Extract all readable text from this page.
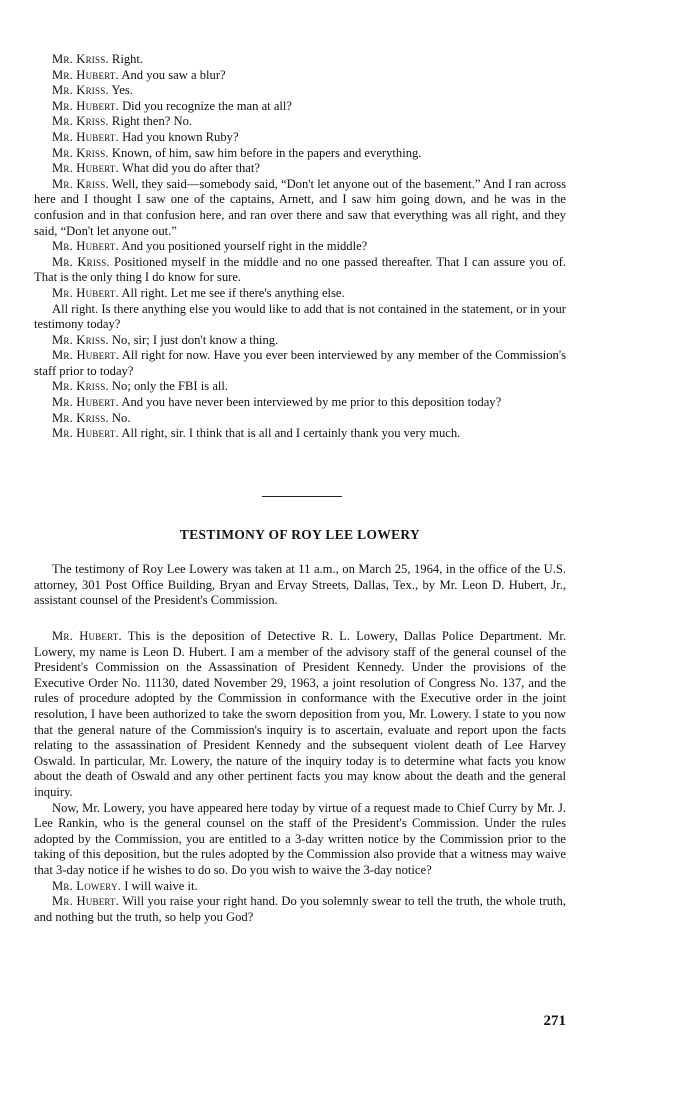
Mr. Kriss. Right.

Mr. Hubert. And you saw a blur?

Mr. Kriss. Yes.

Mr. Hubert. Did you recognize the man at all?

Mr. Kriss. Right then? No.

Mr. Hubert. Had you known Ruby?

Mr. Kriss. Known, of him, saw him before in the papers and everything.

Mr. Hubert. What did you do after that?

Mr. Kriss. Well, they said—somebody said, “Don't let anyone out of the basement.” And I ran across here and I thought I saw one of the captains, Arnett, and I saw him going down, and he was in the confusion and in that confusion here, and ran over there and saw that everything was all right, and they said, “Don't let anyone out.”

Mr. Hubert. And you positioned yourself right in the middle?

Mr. Kriss. Positioned myself in the middle and no one passed thereafter. That I can assure you of. That is the only thing I do know for sure.

Mr. Hubert. All right. Let me see if there's anything else.

All right. Is there anything else you would like to add that is not contained in the statement, or in your testimony today?

Mr. Kriss. No, sir; I just don't know a thing.

Mr. Hubert. All right for now. Have you ever been interviewed by any member of the Commission's staff prior to today?

Mr. Kriss. No; only the FBI is all.

Mr. Hubert. And you have never been interviewed by me prior to this deposition today?

Mr. Kriss. No.

Mr. Hubert. All right, sir. I think that is all and I certainly thank you very much.

TESTIMONY OF ROY LEE LOWERY

The testimony of Roy Lee Lowery was taken at 11 a.m., on March 25, 1964, in the office of the U.S. attorney, 301 Post Office Building, Bryan and Ervay Streets, Dallas, Tex., by Mr. Leon D. Hubert, Jr., assistant counsel of the President's Commission.

Mr. Hubert. This is the deposition of Detective R. L. Lowery, Dallas Police Department. Mr. Lowery, my name is Leon D. Hubert. I am a member of the advisory staff of the general counsel of the President's Commission on the Assassination of President Kennedy. Under the provisions of the Executive Order No. 11130, dated November 29, 1963, a joint resolution of Congress No. 137, and the rules of procedure adopted by the Commission in conformance with the Executive order in the joint resolution, I have been authorized to take the sworn deposition from you, Mr. Lowery. I state to you now that the general nature of the Commission's inquiry is to ascertain, evaluate and report upon the facts relating to the assassination of President Kennedy and the subsequent violent death of Lee Harvey Oswald. In particular, Mr. Lowery, the nature of the inquiry today is to determine what facts you know about the death of Oswald and any other pertinent facts you may know about the death and the general inquiry.

Now, Mr. Lowery, you have appeared here today by virtue of a request made to Chief Curry by Mr. J. Lee Rankin, who is the general counsel on the staff of the President's Commission. Under the rules adopted by the Commission, you are entitled to a 3-day written notice by the Commission prior to the taking of this deposition, but the rules adopted by the Commission also provide that a witness may waive that 3-day notice if he wishes to do so. Do you wish to waive the 3-day notice?

Mr. Lowery. I will waive it.

Mr. Hubert. Will you raise your right hand. Do you solemnly swear to tell the truth, the whole truth, and nothing but the truth, so help you God?

271
